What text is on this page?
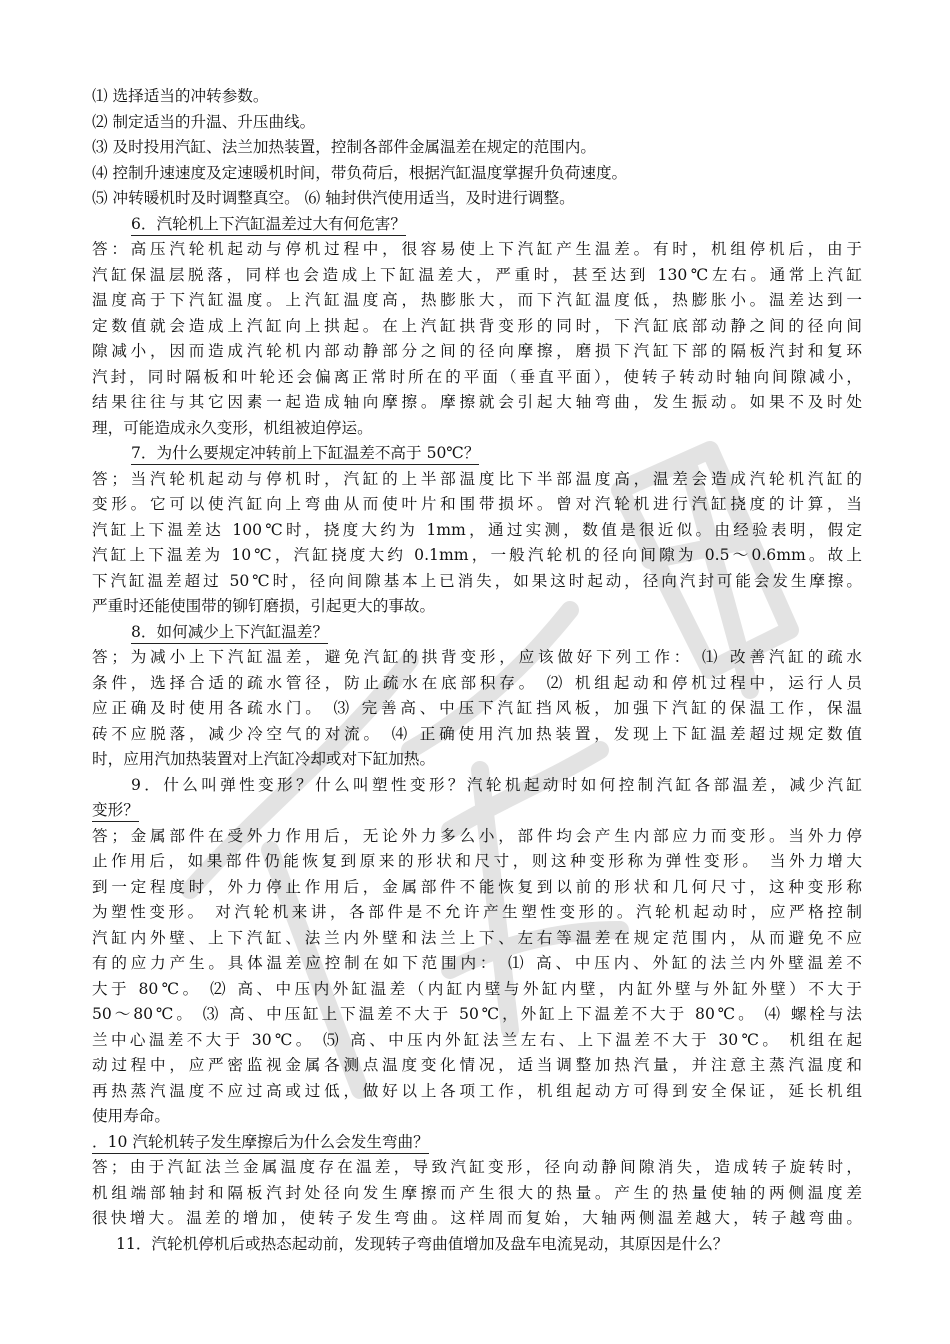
⑴ 选择适当的冲转参数。
⑵ 制定适当的升温、升压曲线。
⑶ 及时投用汽缸、法兰加热装置，控制各部件金属温差在规定的范围内。
⑷ 控制升速速度及定速暖机时间，带负荷后，根据汽缸温度掌握升负荷速度。
⑸ 冲转暖机时及时调整真空。 ⑹ 轴封供汽使用适当，及时进行调整。
6．汽轮机上下汽缸温差过大有何危害？
答：高压汽轮机起动与停机过程中，很容易使上下汽缸产生温差。有时，机组停机后，由于
汽缸保温层脱落，同样也会造成上下缸温差大，严重时，甚至达到 130℃左右。通常上汽缸
温度高于下汽缸温度。上汽缸温度高，热膨胀大，而下汽缸温度低，热膨胀小。温差达到一
定数值就会造成上汽缸向上拱起。在上汽缸拱背变形的同时，下汽缸底部动静之间的径向间
隙减小，因而造成汽轮机内部动静部分之间的径向摩擦，磨损下汽缸下部的隔板汽封和复环
汽封，同时隔板和叶轮还会偏离正常时所在的平面（垂直平面），使转子转动时轴向间隙减小，
结果往往与其它因素一起造成轴向摩擦。摩擦就会引起大轴弯曲，发生振动。如果不及时处
理，可能造成永久变形，机组被迫停运。
7．为什么要规定冲转前上下缸温差不高于 50℃？
答；当汽轮机起动与停机时，汽缸的上半部温度比下半部温度高，温差会造成汽轮机汽缸的
变形。它可以使汽缸向上弯曲从而使叶片和围带损坏。曾对汽轮机进行汽缸挠度的计算，当
汽缸上下温差达 100℃时，挠度大约为 1mm，通过实测，数值是很近似。由经验表明，假定
汽缸上下温差为 10℃，汽缸挠度大约 0.1mm，一般汽轮机的径向间隙为 0.5～0.6mm。故上
下汽缸温差超过 50℃时，径向间隙基本上已消失，如果这时起动，径向汽封可能会发生摩擦。
严重时还能使围带的铆钉磨损，引起更大的事故。
8．如何减少上下汽缸温差？
答；为减小上下汽缸温差，避免汽缸的拱背变形，应该做好下列工作： ⑴ 改善汽缸的疏水
条件，选择合适的疏水管径，防止疏水在底部积存。 ⑵ 机组起动和停机过程中，运行人员
应正确及时使用各疏水门。 ⑶ 完善高、中压下汽缸挡风板，加强下汽缸的保温工作，保温
砖不应脱落，减少冷空气的对流。 ⑷ 正确使用汽加热装置，发现上下缸温差超过规定数值
时，应用汽加热装置对上汽缸冷却或对下缸加热。
9．什么叫弹性变形？什么叫塑性变形？汽轮机起动时如何控制汽缸各部温差，减少汽缸
变形？
答；金属部件在受外力作用后，无论外力多么小，部件均会产生内部应力而变形。当外力停
止作用后，如果部件仍能恢复到原来的形状和尺寸，则这种变形称为弹性变形。 当外力增大
到一定程度时，外力停止作用后，金属部件不能恢复到以前的形状和几何尺寸，这种变形称
为塑性变形。 对汽轮机来讲，各部件是不允许产生塑性变形的。汽轮机起动时，应严格控制
汽缸内外壁、上下汽缸、法兰内外壁和法兰上下、左右等温差在规定范围内，从而避免不应
有的应力产生。具体温差应控制在如下范围内： ⑴ 高、中压内、外缸的法兰内外壁温差不
大于 80℃。 ⑵ 高、中压内外缸温差（内缸内壁与外缸内壁，内缸外壁与外缸外壁）不大于
50～80℃。 ⑶ 高、中压缸上下温差不大于 50℃，外缸上下温差不大于 80℃。 ⑷ 螺栓与法
兰中心温差不大于 30℃。 ⑸ 高、中压内外缸法兰左右、上下温差不大于 30℃。 机组在起
动过程中，应严密监视金属各测点温度变化情况，适当调整加热汽量，并注意主蒸汽温度和
再热蒸汽温度不应过高或过低，做好以上各项工作，机组起动方可得到安全保证，延长机组
使用寿命。
．10 汽轮机转子发生摩擦后为什么会发生弯曲？
答；由于汽缸法兰金属温度存在温差，导致汽缸变形，径向动静间隙消失，造成转子旋转时，
机组端部轴封和隔板汽封处径向发生摩擦而产生很大的热量。产生的热量使轴的两侧温度差
很快增大。温差的增加，使转子发生弯曲。这样周而复始，大轴两侧温差越大，转子越弯曲。
11．汽轮机停机后或热态起动前，发现转子弯曲值增加及盘车电流晃动，其原因是什么？
